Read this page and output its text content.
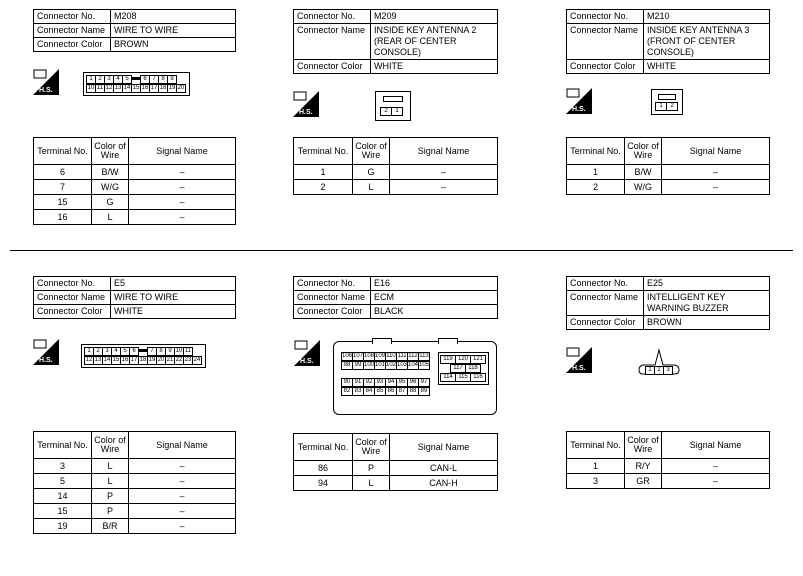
Connector No.	M208
Connector Name	WIRE TO WIRE
Connector Color	BROWN
H.S.
1 2 3 4 5	6 7 8 9
10 11 12 13 14 15 16 17 18 19 20
Terminal No.	Color of Wire	Signal Name
6	B/W	–
7	W/G	–
15	G	–
16	L	–
Connector No.	M209
Connector Name	INSIDE KEY ANTENNA 2 (REAR OF CENTER CONSOLE)
Connector Color	WHITE
H.S.	2	1
Terminal No.	Color of Wire	Signal Name
1	G	–
2	L	–
Connector No.	M210
Connector Name	INSIDE KEY ANTENNA 3 (FRONT OF CENTER CONSOLE)
Connector Color	WHITE
H.S.	1	2
Terminal No.	Color of Wire	Signal Name
1	B/W	–
2	W/G	–
Connector No.	E5
Connector Name	WIRE TO WIRE
Connector Color	WHITE
H.S.
1 2 3 4 5 6	7 8 9 10 11
12 13 14 15 16 17 18 19 20 21 22 23 24
Terminal No.	Color of Wire	Signal Name
3	L	–
5	L	–
14	P	–
15	P	–
19	B/R	–
Connector No.	E16
Connector Name	ECM
Connector Color	BLACK
H.S.
106 107 108 109 110 111 112 113
98 99 100 101 102 103 104 105
90 91 92 93 94 95 96 97
82 83 84 85 86 87 88 89
119 120 121
117 118
114 115 116
Terminal No.	Color of Wire	Signal Name
86	P	CAN-L
94	L	CAN-H
Connector No.	E25
Connector Name	INTELLIGENT KEY WARNING BUZZER
Connector Color	BROWN
H.S.	1 2 3
Terminal No.	Color of Wire	Signal Name
1	R/Y	–
3	GR	–
